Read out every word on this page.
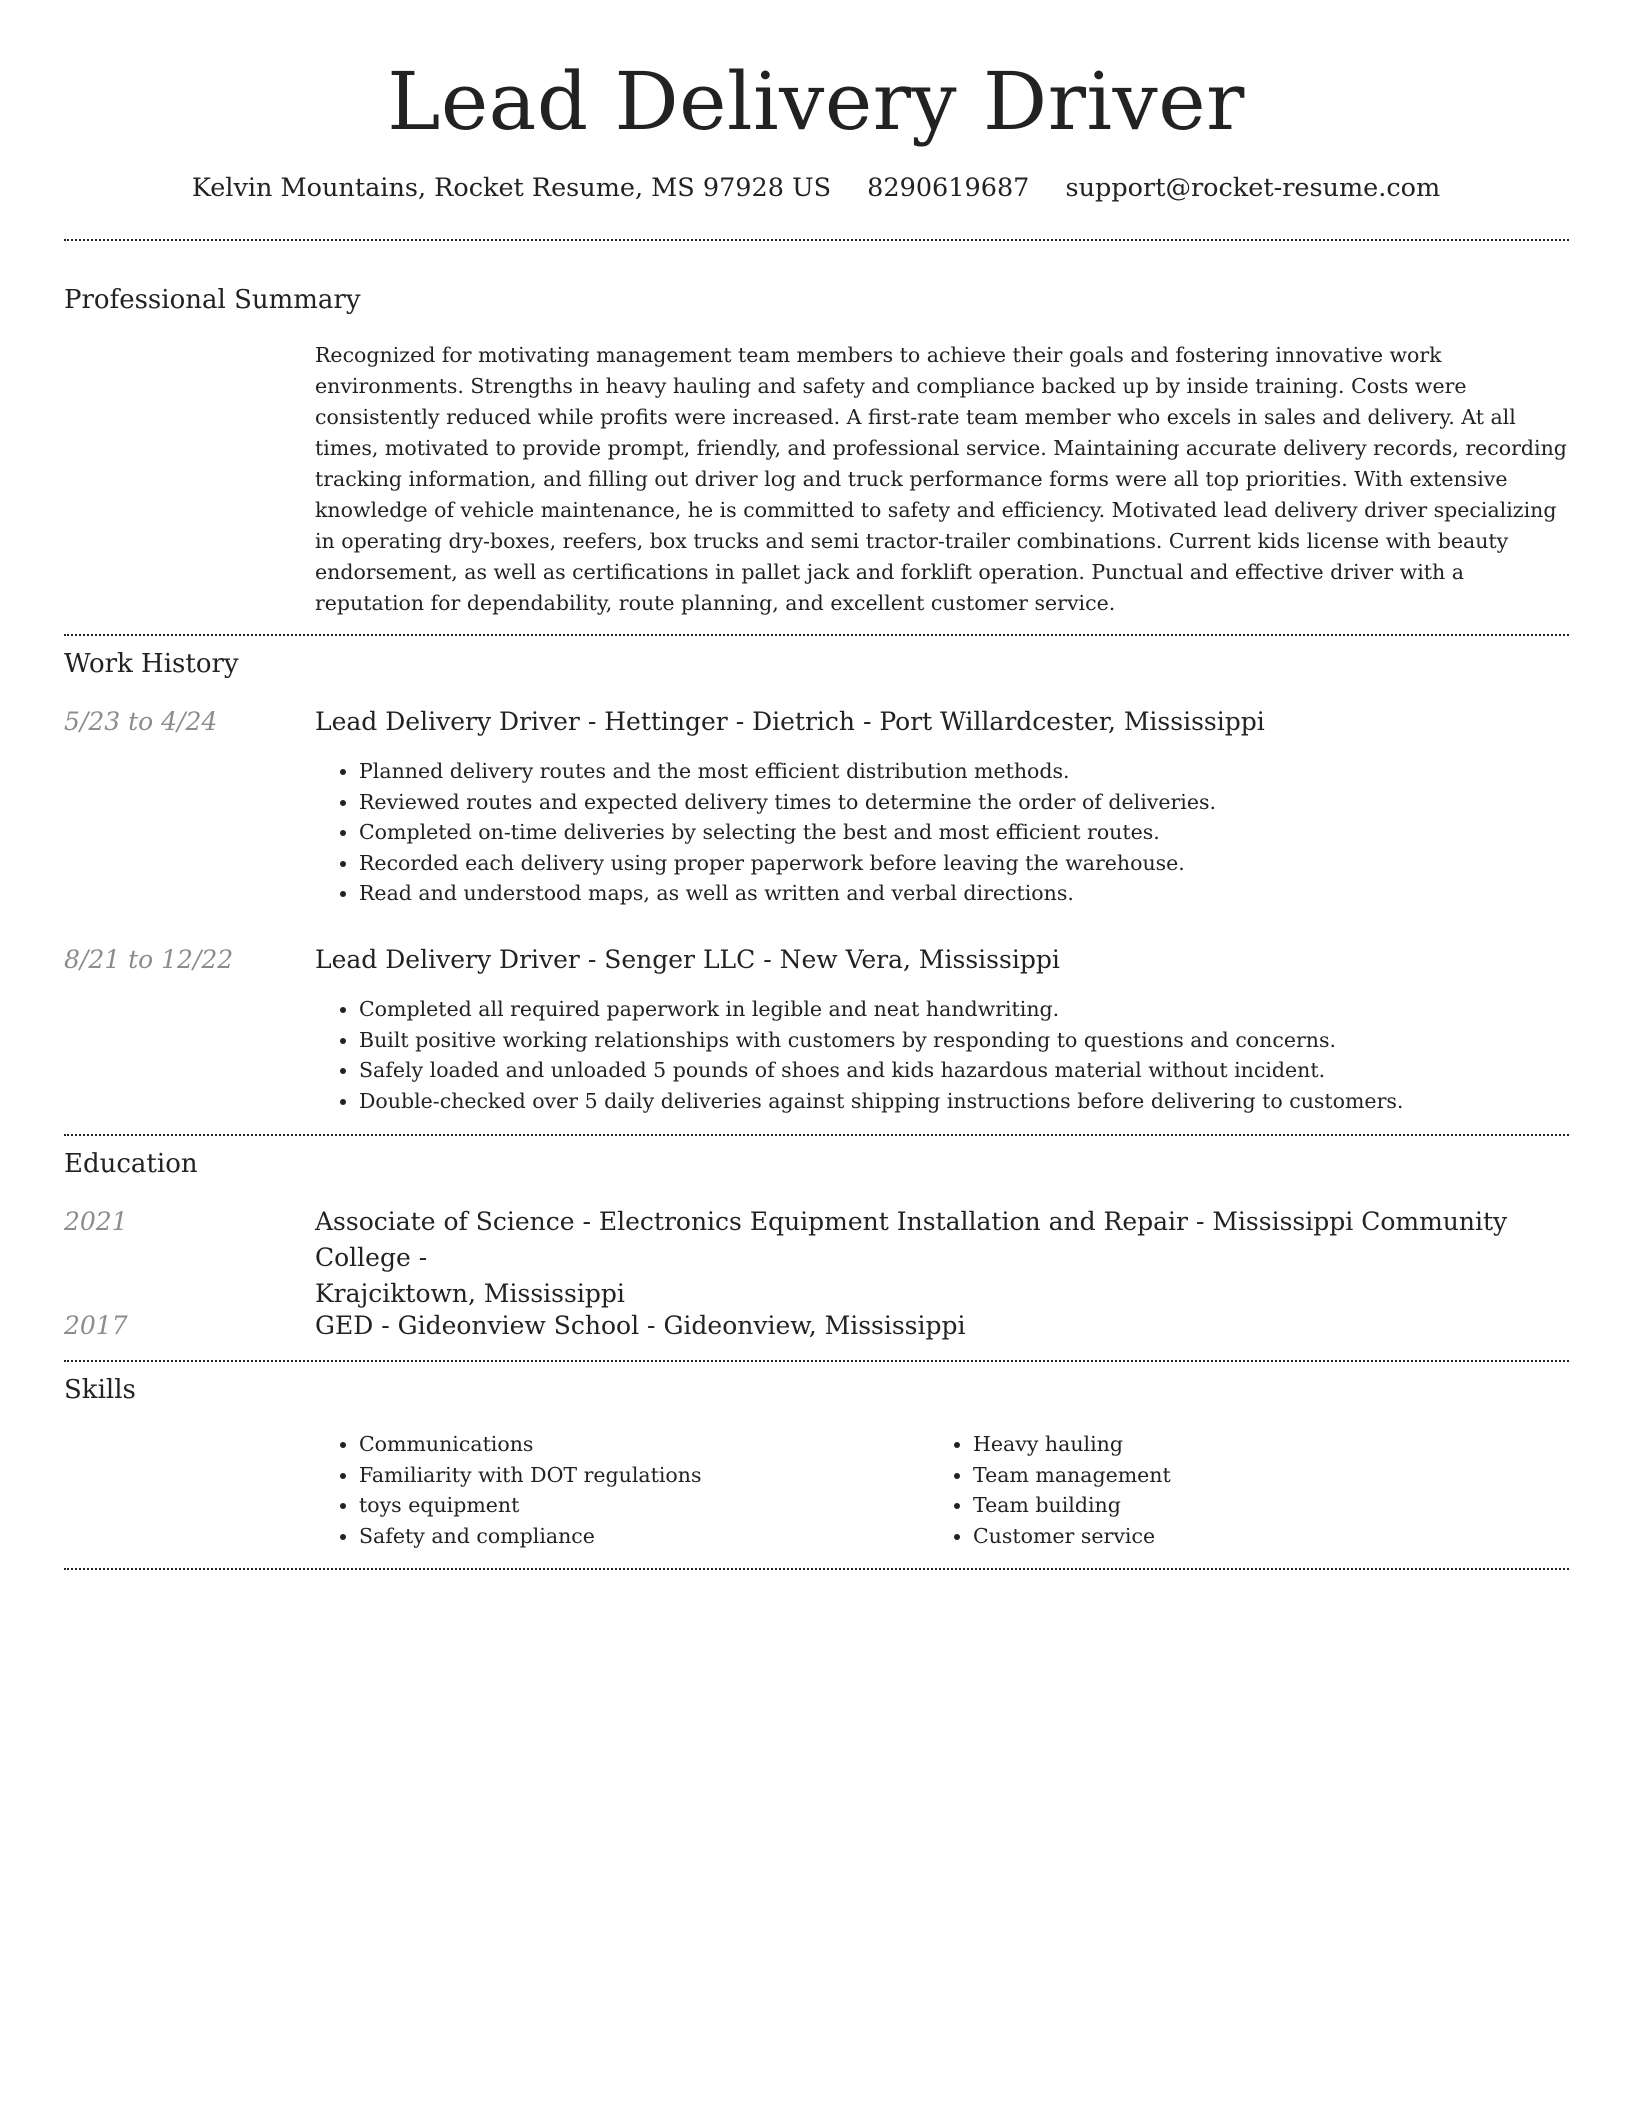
Lead Delivery Driver
Kelvin Mountains, Rocket Resume, MS 97928 US 8290619687 support@rocket-resume.com
Professional Summary

Recognized for motivating management team members to achieve their goals and fostering innovative work environments. Strengths in heavy hauling and safety and compliance backed up by inside training. Costs were consistently reduced while profits were increased. A first-rate team member who excels in sales and delivery. At all times, motivated to provide prompt, friendly, and professional service. Maintaining accurate delivery records, recording tracking information, and filling out driver log and truck performance forms were all top priorities. With extensive knowledge of vehicle maintenance, he is committed to safety and efficiency. Motivated lead delivery driver specializing in operating dry-boxes, reefers, box trucks and semi tractor-trailer combinations. Current kids license with beauty endorsement, as well as certifications in pallet jack and forklift operation. Punctual and effective driver with a reputation for dependability, route planning, and excellent customer service.

Work History
5/23 to 4/24	Lead Delivery Driver - Hettinger - Dietrich - Port Willardcester, Mississippi
• Planned delivery routes and the most efficient distribution methods.
• Reviewed routes and expected delivery times to determine the order of deliveries.
• Completed on-time deliveries by selecting the best and most efficient routes.
• Recorded each delivery using proper paperwork before leaving the warehouse.
• Read and understood maps, as well as written and verbal directions.
8/21 to 12/22	Lead Delivery Driver - Senger LLC - New Vera, Mississippi
• Completed all required paperwork in legible and neat handwriting.
• Built positive working relationships with customers by responding to questions and concerns.
• Safely loaded and unloaded 5 pounds of shoes and kids hazardous material without incident.
• Double-checked over 5 daily deliveries against shipping instructions before delivering to customers.
Education
2021	Associate of Science - Electronics Equipment Installation and Repair - Mississippi Community College -
Krajciktown, Mississippi
2017	GED - Gideonview School - Gideonview, Mississippi
Skills
• Communications
• Familiarity with DOT regulations
• toys equipment
• Safety and compliance
• Heavy hauling
• Team management
• Team building
• Customer service
